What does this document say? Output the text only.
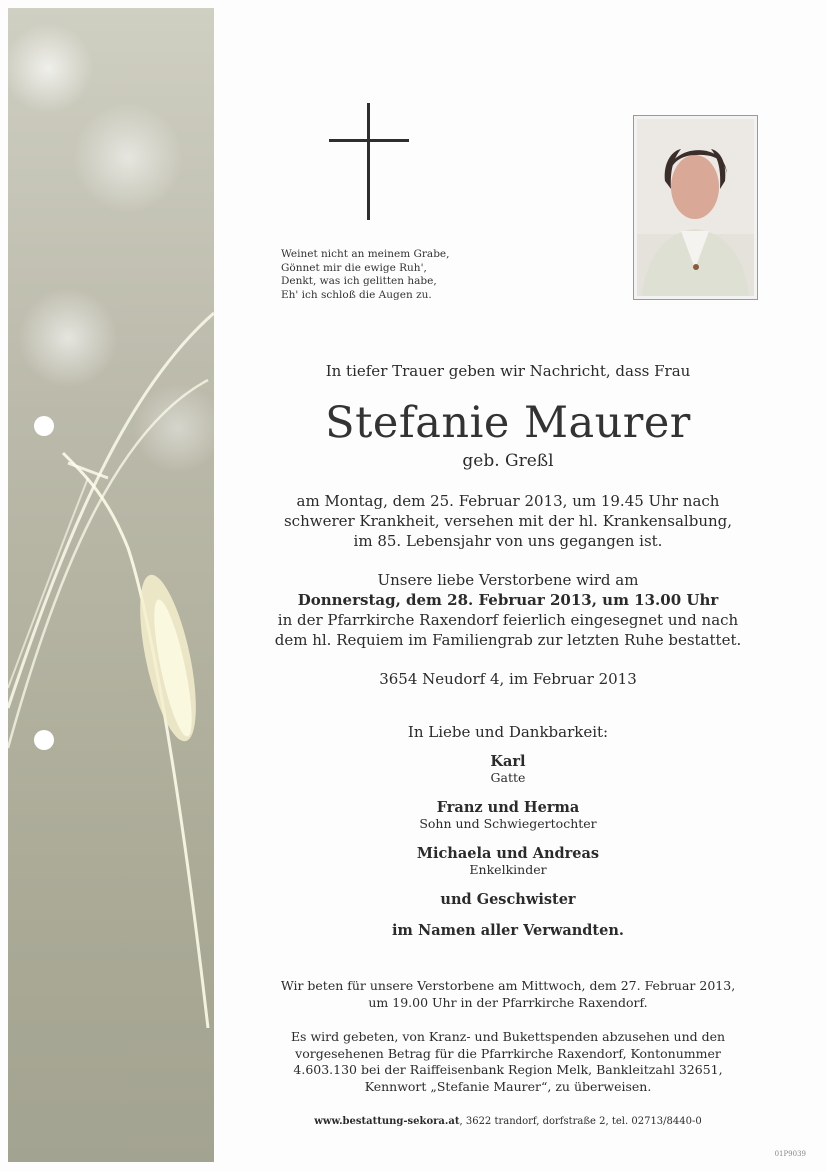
Weinet nicht an meinem Grabe,
Gönnet mir die ewige Ruh',
Denkt, was ich gelitten habe,
Eh' ich schloß die Augen zu.
In tiefer Trauer geben wir Nachricht, dass Frau
Stefanie Maurer
geb. Greßl
am Montag, dem 25. Februar 2013, um 19.45 Uhr nach
schwerer Krankheit, versehen mit der hl. Krankensalbung,
im 85. Lebensjahr von uns gegangen ist.
Unsere liebe Verstorbene wird am
Donnerstag, dem 28. Februar 2013, um 13.00 Uhr
in der Pfarrkirche Raxendorf feierlich eingesegnet und nach
dem hl. Requiem im Familiengrab zur letzten Ruhe bestattet.
3654 Neudorf 4, im Februar 2013
In Liebe und Dankbarkeit:
Karl
Gatte
Franz und Herma
Sohn und Schwiegertochter
Michaela und Andreas
Enkelkinder
und Geschwister
im Namen aller Verwandten.
Wir beten für unsere Verstorbene am Mittwoch, dem 27. Februar 2013,
um 19.00 Uhr in der Pfarrkirche Raxendorf.
Es wird gebeten, von Kranz- und Bukettspenden abzusehen und den
vorgesehenen Betrag für die Pfarrkirche Raxendorf, Kontonummer
4.603.130 bei der Raiffeisenbank Region Melk, Bankleitzahl 32651,
Kennwort „Stefanie Maurer“, zu überweisen.
www.bestattung-sekora.at, 3622 trandorf, dorfstraße 2, tel. 02713/8440-0
01P9039
